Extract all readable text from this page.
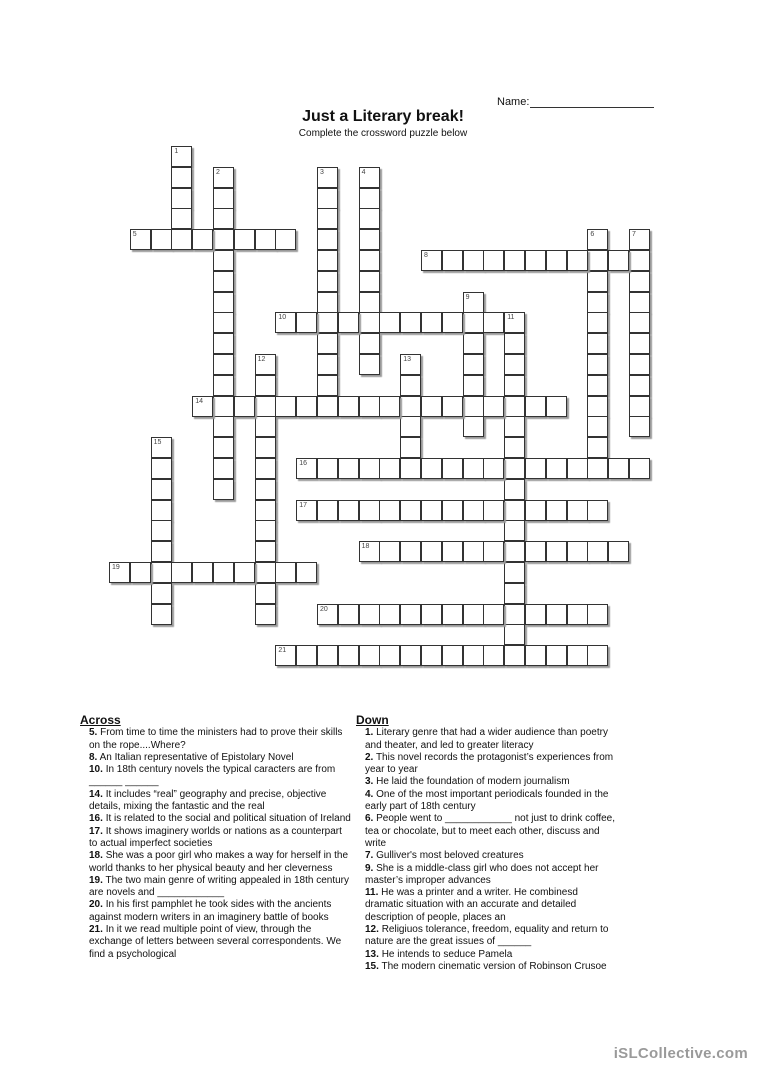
Name:
Just a Literary break!
Complete the crossword puzzle below
1
2	3	4
5	6	7
8
9
10	11
12	13
14
15
16
17
18
19
20
21
Across

5. From time to time the ministers had to prove their skills on the rope....Where?

8. An Italian representative of Epistolary Novel

10. In 18th century novels the typical caracters are from ______ ______

14. It includes “real” geography and precise, objective details, mixing the fantastic and the real

16. It is related to the social and political situation of Ireland

17. It shows imaginery worlds or nations as a counterpart to actual imperfect societies

18. She was a poor girl who makes a way for herself in the world thanks to her physical beauty and her cleverness

19. The two main genre of writing appealed in 18th century are novels and ____________

20. In his first pamphlet he took sides with the ancients against modern writers in an imaginery battle of books

21. In it we read multiple point of view, through the exchange of letters between several correspondents. We find a psychological

Down

1. Literary genre that had a wider audience than poetry and theater, and led to greater literacy

2. This novel records the protagonist’s experiences from year to year

3. He laid the foundation of modern journalism

4. One of the most important periodicals founded in the early part of 18th century

6. People went to ____________ not just to drink coffee, tea or chocolate, but to meet each other, discuss and write

7. Gulliver's most beloved creatures

9. She is a middle-class girl who does not accept her master’s improper advances

11. He was a printer and a writer. He combinesd dramatic situation with an accurate and detailed description of people, places an

12. Religiuos tolerance, freedom, equality and return to nature are the great issues of ______

13. He intends to seduce Pamela

15. The modern cinematic version of Robinson Crusoe

iSLCollective.com
